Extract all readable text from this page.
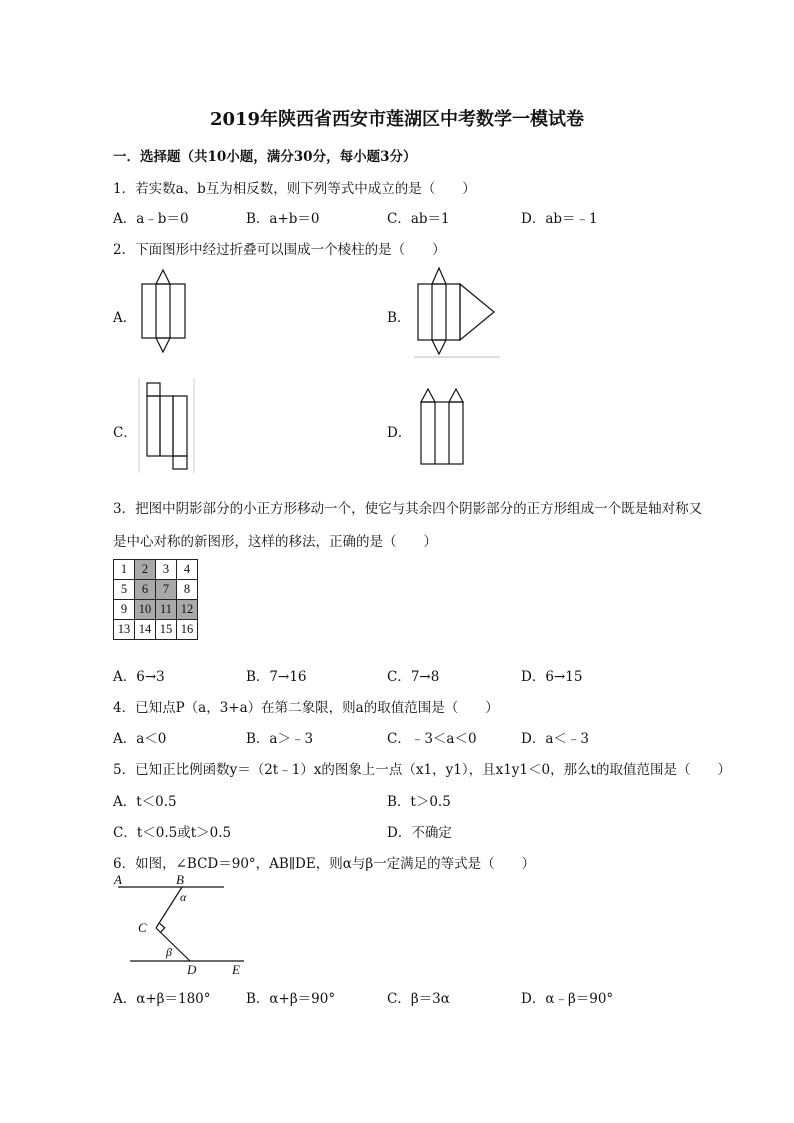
2019年陕西省西安市莲湖区中考数学一模试卷
一．选择题（共10小题，满分30分，每小题3分）
1．若实数a、b互为相反数，则下列等式中成立的是（　　）
A．a﹣b＝0	B．a+b＝0	C．ab＝1	D．ab＝﹣1
2．下面图形中经过折叠可以围成一个棱柱的是（　　）
A．	B．
C．	D．
3．把图中阴影部分的小正方形移动一个，使它与其余四个阴影部分的正方形组成一个既是轴对称又
是中心对称的新图形，这样的移法，正确的是（　　）
1	2	3	4
5	6	7	8
9	10	11	12
13	14	15	16
A．6→3	B．7→16	C．7→8	D．6→15
4．已知点P（a，3+a）在第二象限，则a的取值范围是（　　）
A．a＜0	B．a＞﹣3	C．﹣3＜a＜0	D．a＜﹣3
5．已知正比例函数y＝（2t﹣1）x的图象上一点（x1，y1），且x1y1＜0，那么t的取值范围是（　　）
A．t＜0.5	B．t＞0.5
C．t＜0.5或t＞0.5	D．不确定
6．如图，∠BCD＝90°，AB∥DE，则α与β一定满足的等式是（　　）
A	B
α
C
β
D	E
A．α+β＝180°	B．α+β＝90°	C．β＝3α	D．α﹣β＝90°
